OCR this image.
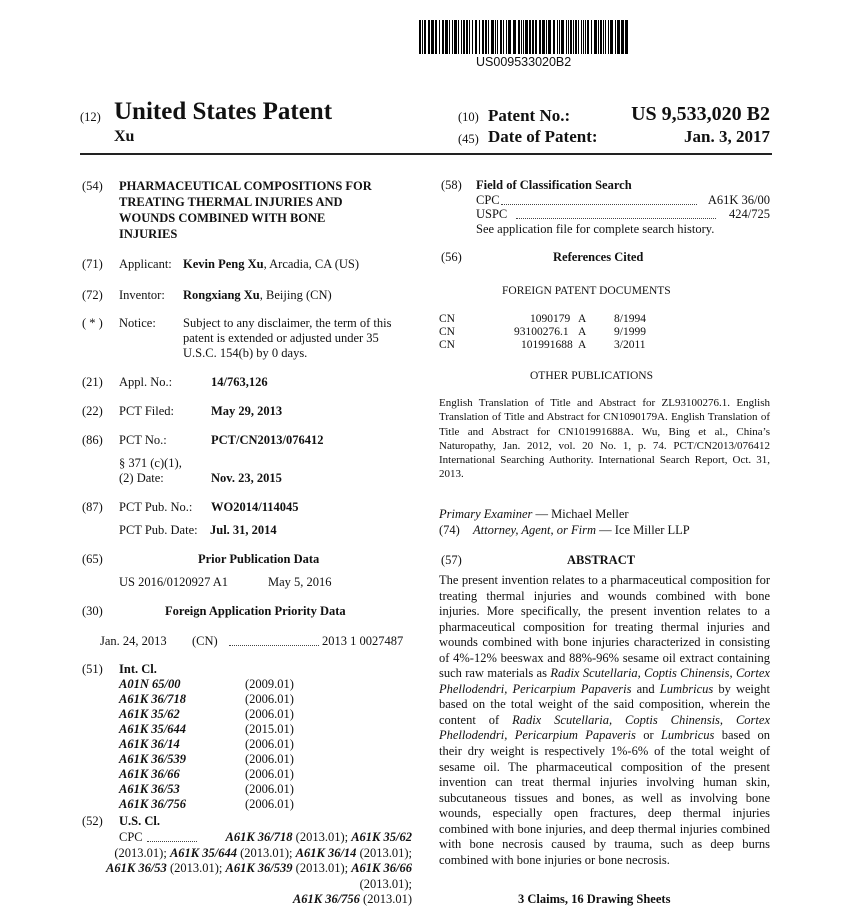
US009533020B2
(12) United States Patent
Xu
(10) Patent No.:	US 9,533,020 B2
(45) Date of Patent:	Jan. 3, 2017
(54) PHARMACEUTICAL COMPOSITIONS FOR
TREATING THERMAL INJURIES AND
WOUNDS COMBINED WITH BONE
INJURIES
(71) Applicant: Kevin Peng Xu, Arcadia, CA (US)
(72) Inventor: Rongxiang Xu, Beijing (CN)
( * ) Notice: Subject to any disclaimer, the term of this
patent is extended or adjusted under 35
U.S.C. 154(b) by 0 days.
(21) Appl. No.:	14/763,126
(22) PCT Filed:	May 29, 2013
(86) PCT No.:	PCT/CN2013/076412
§ 371 (c)(1),
(2) Date:	Nov. 23, 2015
(87) PCT Pub. No.: WO2014/114045
PCT Pub. Date: Jul. 31, 2014
(65)	Prior Publication Data
US 2016/0120927 A1	May 5, 2016
(30)	Foreign Application Priority Data
Jan. 24, 2013 (CN)	2013 1 0027487
(51) Int. Cl.
A01N 65/00	(2009.01)
A61K 36/718	(2006.01)
A61K 35/62	(2006.01)
A61K 35/644	(2015.01)
A61K 36/14	(2006.01)
A61K 36/539	(2006.01)
A61K 36/66	(2006.01)
A61K 36/53	(2006.01)
A61K 36/756	(2006.01)
(52) U.S. Cl.
CPC	A61K 36/718 (2013.01); A61K 35/62
(2013.01); A61K 35/644 (2013.01); A61K 36/14 (2013.01); A61K 36/53 (2013.01); A61K 36/539 (2013.01); A61K 36/66 (2013.01);
A61K 36/756 (2013.01)
(58) Field of Classification Search
CPC	A61K 36/00
USPC	424/725
See application file for complete search history.
(56)	References Cited
FOREIGN PATENT DOCUMENTS
CN	1090179 A 8/1994
CN	93100276.1 A 9/1999
CN	101991688 A 3/2011
OTHER PUBLICATIONS
English Translation of Title and Abstract for ZL93100276.1. English Translation of Title and Abstract for CN1090179A. English Translation of Title and Abstract for CN101991688A. Wu, Bing et al., China’s Naturopathy, Jan. 2012, vol. 20 No. 1, p. 74. PCT/CN2013/076412 International Searching Authority. International Search Report, Oct. 31, 2013.
Primary Examiner — Michael Meller
(74) Attorney, Agent, or Firm — Ice Miller LLP
(57)	ABSTRACT
The present invention relates to a pharmaceutical composition for treating thermal injuries and wounds combined with bone injuries. More specifically, the present invention relates to a pharmaceutical composition for treating thermal injuries and wounds combined with bone injuries characterized in consisting of 4%-12% beeswax and 88%-96% sesame oil extract containing such raw materials as Radix Scutellaria, Coptis Chinensis, Cortex Phellodendri, Pericarpium Papaveris and Lumbricus by weight based on the total weight of the said composition, wherein the content of Radix Scutellaria, Coptis Chinensis, Cortex Phellodendri, Pericarpium Papaveris or Lumbricus based on their dry weight is respectively 1%-6% of the total weight of sesame oil. The pharmaceutical composition of the present invention can treat thermal injuries involving human skin, subcutaneous tissues and bones, as well as involving bone wounds, especially open fractures, deep thermal injuries combined with bone injuries, and deep thermal injuries combined with bone necrosis caused by trauma, such as deep burns combined with bone injuries or bone necrosis.
3 Claims, 16 Drawing Sheets
